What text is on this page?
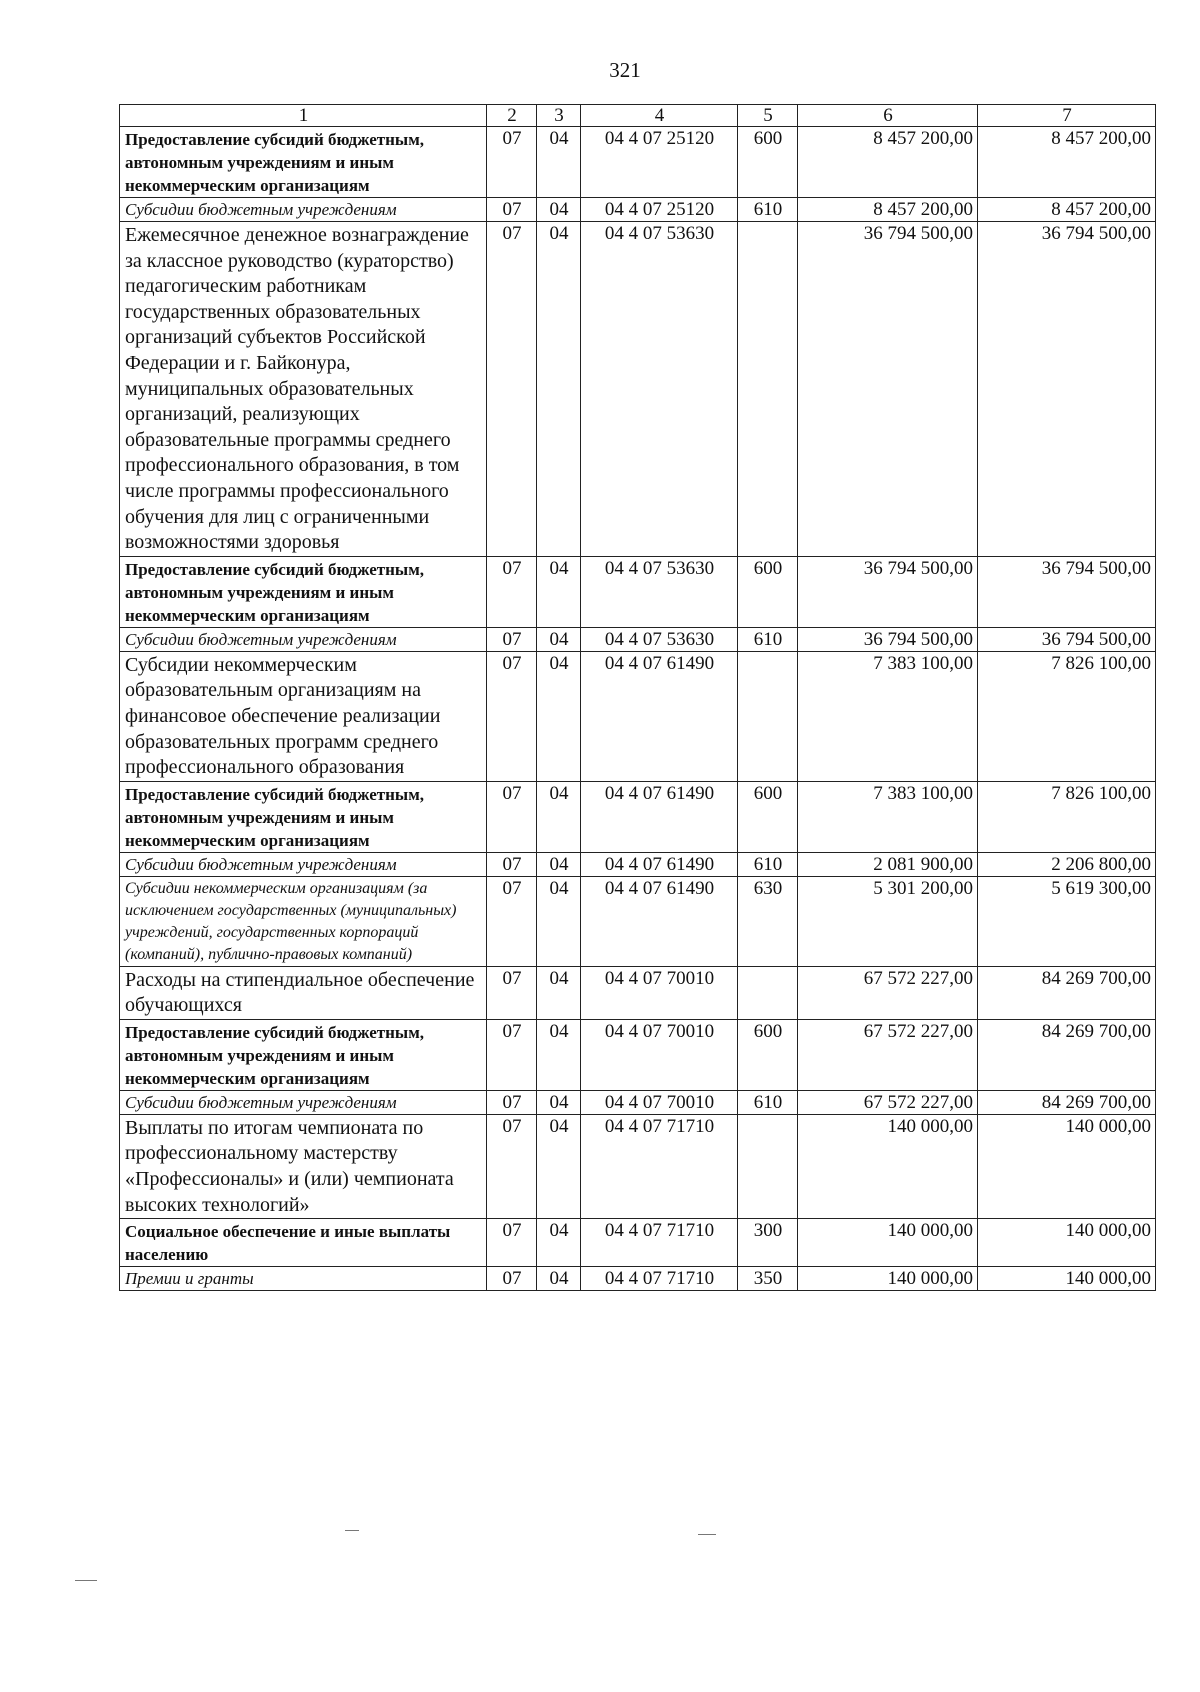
321
1	2	3	4	5	6	7
Предоставление субсидий бюджетным, автономным учреждениям и иным некоммерческим организациям	07	04	04 4 07 25120	600	8 457 200,00	8 457 200,00
Субсидии бюджетным учреждениям	07	04	04 4 07 25120	610	8 457 200,00	8 457 200,00
Ежемесячное денежное вознаграждение за классное руководство (кураторство) педагогическим работникам государственных образовательных организаций субъектов Российской Федерации и г. Байконура, муниципальных образовательных организаций, реализующих образовательные программы среднего профессионального образования, в том числе программы профессионального обучения для лиц с ограниченными возможностями здоровья	07	04	04 4 07 53630		36 794 500,00	36 794 500,00
Предоставление субсидий бюджетным, автономным учреждениям и иным некоммерческим организациям	07	04	04 4 07 53630	600	36 794 500,00	36 794 500,00
Субсидии бюджетным учреждениям	07	04	04 4 07 53630	610	36 794 500,00	36 794 500,00
Субсидии некоммерческим образовательным организациям на финансовое обеспечение реализации образовательных программ среднего профессионального образования	07	04	04 4 07 61490		7 383 100,00	7 826 100,00
Предоставление субсидий бюджетным, автономным учреждениям и иным некоммерческим организациям	07	04	04 4 07 61490	600	7 383 100,00	7 826 100,00
Субсидии бюджетным учреждениям	07	04	04 4 07 61490	610	2 081 900,00	2 206 800,00
Субсидии некоммерческим организациям (за исключением государственных (муниципальных) учреждений, государственных корпораций (компаний), публично-правовых компаний)	07	04	04 4 07 61490	630	5 301 200,00	5 619 300,00
Расходы на стипендиальное обеспечение обучающихся	07	04	04 4 07 70010		67 572 227,00	84 269 700,00
Предоставление субсидий бюджетным, автономным учреждениям и иным некоммерческим организациям	07	04	04 4 07 70010	600	67 572 227,00	84 269 700,00
Субсидии бюджетным учреждениям	07	04	04 4 07 70010	610	67 572 227,00	84 269 700,00
Выплаты по итогам чемпионата по профессиональному мастерству «Профессионалы» и (или) чемпионата высоких технологий»	07	04	04 4 07 71710		140 000,00	140 000,00
Социальное обеспечение и иные выплаты населению	07	04	04 4 07 71710	300	140 000,00	140 000,00
Премии и гранты	07	04	04 4 07 71710	350	140 000,00	140 000,00
